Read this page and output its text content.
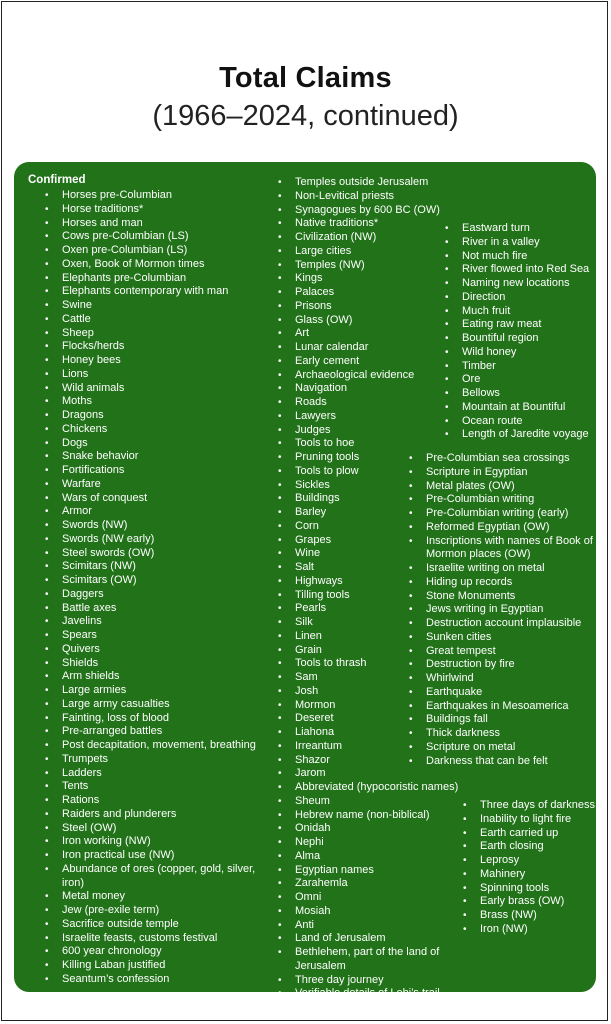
Total Claims
(1966–2024, continued)
Confirmed
• Horses pre-Columbian
• Horse traditions*
• Horses and man
• Cows pre-Columbian (LS)
• Oxen pre-Columbian (LS)
• Oxen, Book of Mormon times
• Elephants pre-Columbian
• Elephants contemporary with man
• Swine
• Cattle
• Sheep
• Flocks/herds
• Honey bees
• Lions
• Wild animals
• Moths
• Dragons
• Chickens
• Dogs
• Snake behavior
• Fortifications
• Warfare
• Wars of conquest
• Armor
• Swords (NW)
• Swords (NW early)
• Steel swords (OW)
• Scimitars (NW)
• Scimitars (OW)
• Daggers
• Battle axes
• Javelins
• Spears
• Quivers
• Shields
• Arm shields
• Large armies
• Large army casualties
• Fainting, loss of blood
• Pre-arranged battles
• Post decapitation, movement, breathing
• Trumpets
• Ladders
• Tents
• Rations
• Raiders and plunderers
• Steel (OW)
• Iron working (NW)
• Iron practical use (NW)
• Abundance of ores (copper, gold, silver, iron)
• Metal money
• Jew (pre-exile term)
• Sacrifice outside temple
• Israelite feasts, customs festival
• 600 year chronology
• Killing Laban justified
• Seantum’s confession
• Temples outside Jerusalem
• Non-Levitical priests
• Synagogues by 600 BC (OW)
• Native traditions*
• Civilization (NW)
• Large cities
• Temples (NW)
• Kings
• Palaces
• Prisons
• Glass (OW)
• Art
• Lunar calendar
• Early cement
• Archaeological evidence
• Navigation
• Roads
• Lawyers
• Judges
• Tools to hoe
• Pruning tools
• Tools to plow
• Sickles
• Buildings
• Barley
• Corn
• Grapes
• Wine
• Salt
• Highways
• Tilling tools
• Pearls
• Silk
• Linen
• Grain
• Tools to thrash
• Sam
• Josh
• Mormon
• Deseret
• Liahona
• Irreantum
• Shazor
• Jarom
• Abbreviated (hypocoristic names)
• Sheum
• Hebrew name (non-biblical)
• Onidah
• Nephi
• Alma
• Egyptian names
• Zarahemla
• Omni
• Mosiah
• Anti
• Land of Jerusalem
• Bethlehem, part of the land of Jerusalem
• Three day journey
• Verifiable details of Lehi’s trail
• Eastward turn
• River in a valley
• Not much fire
• River flowed into Red Sea
• Naming new locations
• Direction
• Much fruit
• Eating raw meat
• Bountiful region
• Wild honey
• Timber
• Ore
• Bellows
• Mountain at Bountiful
• Ocean route
• Length of Jaredite voyage
• Pre-Columbian sea crossings
• Scripture in Egyptian
• Metal plates (OW)
• Pre-Columbian writing
• Pre-Columbian writing (early)
• Reformed Egyptian (OW)
• Inscriptions with names of Book of Mormon places (OW)
• Israelite writing on metal
• Hiding up records
• Stone Monuments
• Jews writing in Egyptian
• Destruction account implausible
• Sunken cities
• Great tempest
• Destruction by fire
• Whirlwind
• Earthquake
• Earthquakes in Mesoamerica
• Buildings fall
• Thick darkness
• Scripture on metal
• Darkness that can be felt
• Three days of darkness
• Inability to light fire
• Earth carried up
• Earth closing
• Leprosy
• Mahinery
• Spinning tools
• Early brass (OW)
• Brass (NW)
• Iron (NW)
